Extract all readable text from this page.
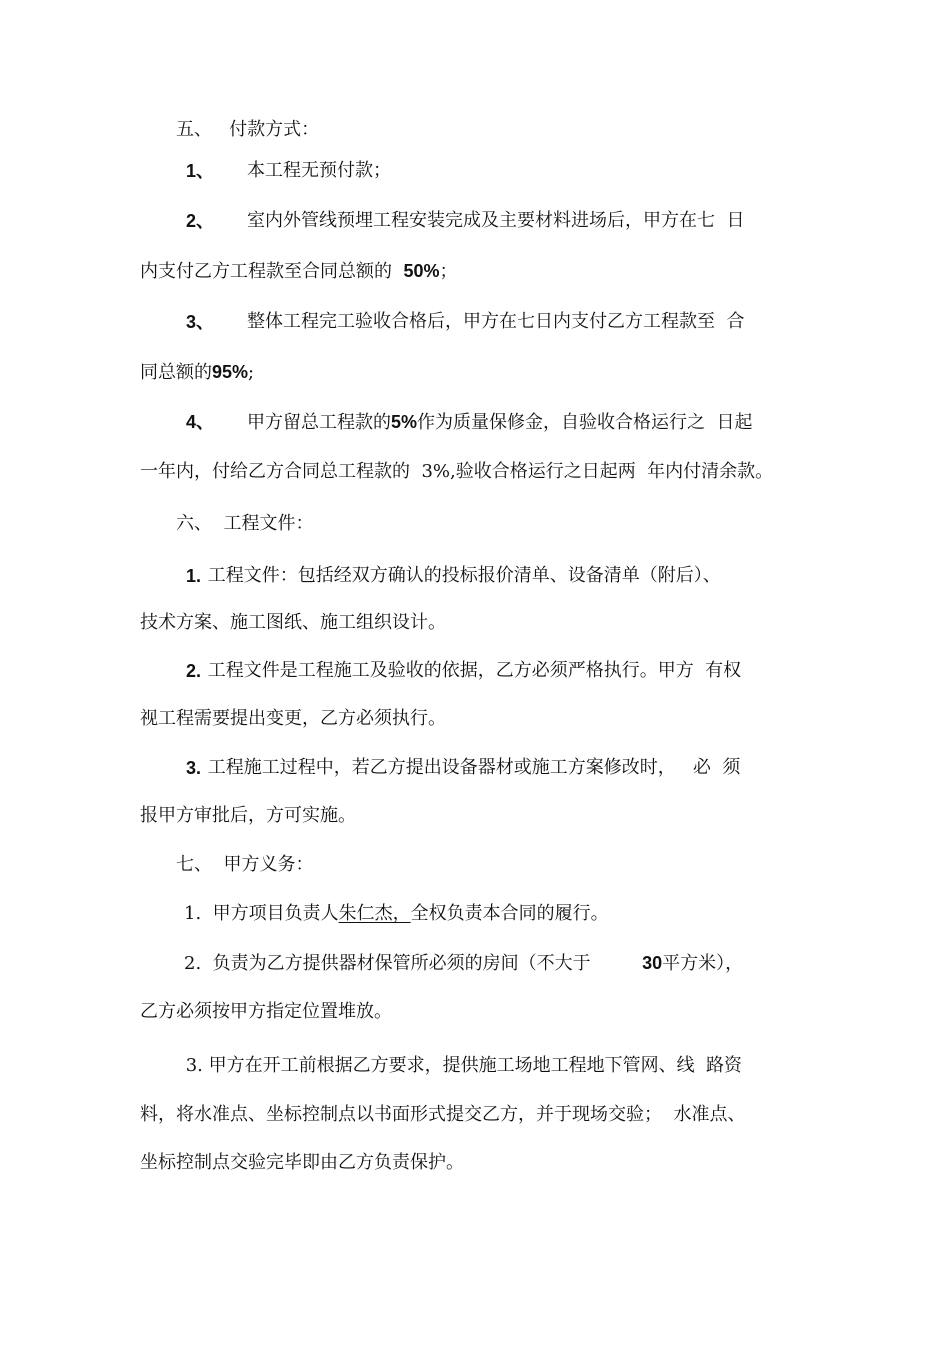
五、   付款方式：
1、 本工程无预付款；
2、 室内外管线预埋工程安装完成及主要材料进场后，甲方在七  日
内支付乙方工程款至合同总额的  50%；
3、 整体工程完工验收合格后，甲方在七日内支付乙方工程款至  合
同总额的95%;
4、 甲方留总工程款的5%作为质量保修金，自验收合格运行之  日起
一年内，付给乙方合同总工程款的  3%,验收合格运行之日起两  年内付清余款。
六、  工程文件：
1. 工程文件：包括经双方确认的投标报价清单、设备清单（附后）、
技术方案、施工图纸、施工组织设计。
2. 工程文件是工程施工及验收的依据，乙方必须严格执行。甲方  有权
视工程需要提出变更，乙方必须执行。
3. 工程施工过程中，若乙方提出设备器材或施工方案修改时，   必  须
报甲方审批后，方可实施。
七、  甲方义务：
1.  甲方项目负责人朱仁杰，全权负责本合同的履行。
2.  负责为乙方提供器材保管所必须的房间（不大于         30平方米），
乙方必须按甲方指定位置堆放。
3. 甲方在开工前根据乙方要求，提供施工场地工程地下管网、线  路资
料，将水准点、坐标控制点以书面形式提交乙方，并于现场交验；  水准点、
坐标控制点交验完毕即由乙方负责保护。
